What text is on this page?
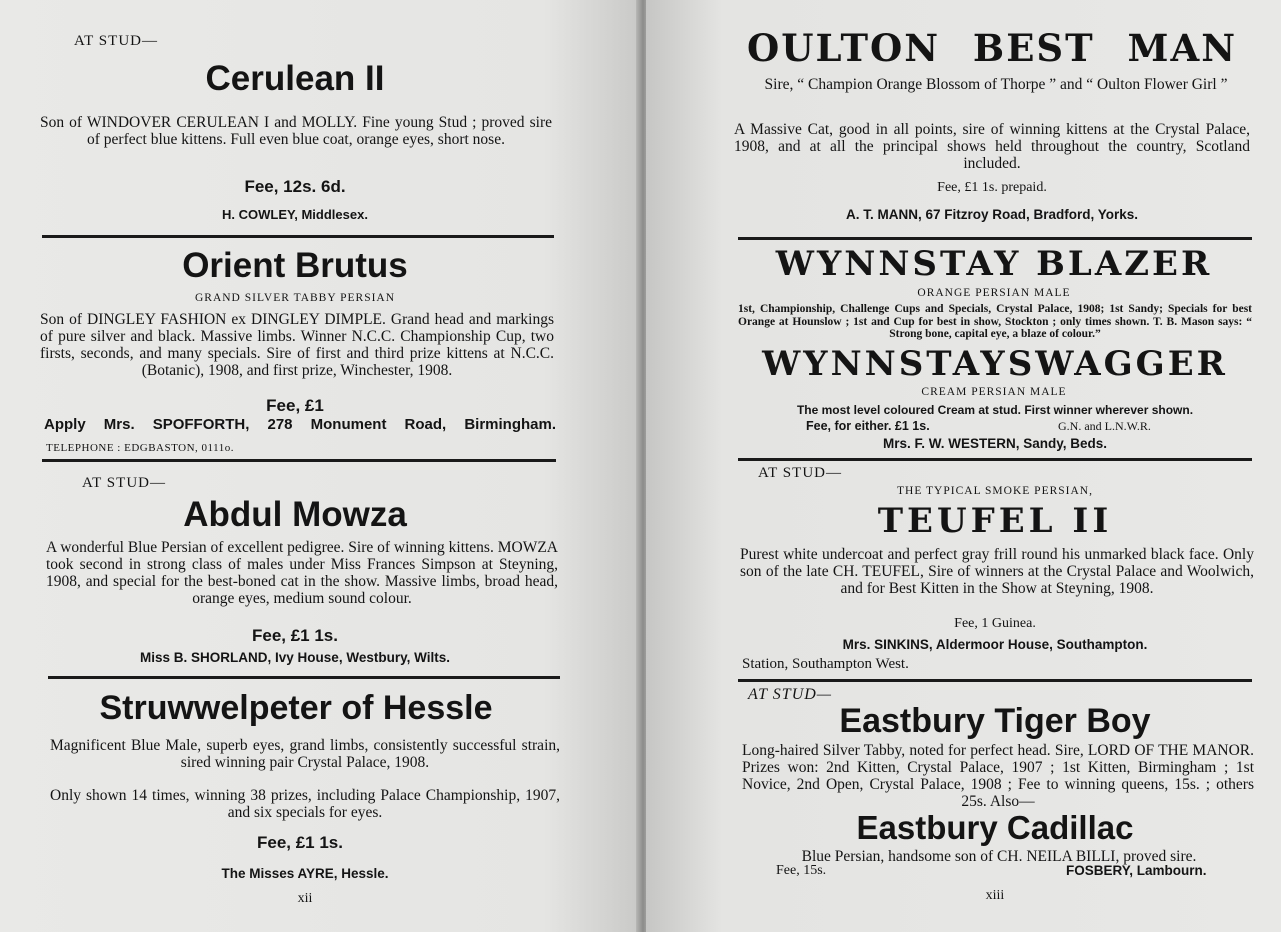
AT STUD—
Cerulean II
Son of WINDOVER CERULEAN I and MOLLY. Fine young Stud ; proved sire of perfect blue kittens. Full even blue coat, orange eyes, short nose.
Fee, 12s. 6d.
H. COWLEY, Middlesex.
Orient Brutus
GRAND SILVER TABBY PERSIAN
Son of DINGLEY FASHION ex DINGLEY DIMPLE. Grand head and markings of pure silver and black. Massive limbs. Winner N.C.C. Championship Cup, two firsts, seconds, and many specials. Sire of first and third prize kittens at N.C.C. (Botanic), 1908, and first prize, Winchester, 1908.
Fee, £1
Apply Mrs. SPOFFORTH, 278 Monument Road, Birmingham.
TELEPHONE : EDGBASTON, 0111o.
AT STUD—
Abdul Mowza
A wonderful Blue Persian of excellent pedigree. Sire of winning kittens. MOWZA took second in strong class of males under Miss Frances Simpson at Steyning, 1908, and special for the best-boned cat in the show. Massive limbs, broad head, orange eyes, medium sound colour.
Fee, £1 1s.
Miss B. SHORLAND, Ivy House, Westbury, Wilts.
Struwwelpeter of Hessle
Magnificent Blue Male, superb eyes, grand limbs, consistently successful strain, sired winning pair Crystal Palace, 1908.
Only shown 14 times, winning 38 prizes, including Palace Championship, 1907, and six specials for eyes.
Fee, £1 1s.
The Misses AYRE, Hessle.
xii
OULTON BEST MAN
Sire, “ Champion Orange Blossom of Thorpe ” and “ Oulton Flower Girl ”
A Massive Cat, good in all points, sire of winning kittens at the Crystal Palace, 1908, and at all the principal shows held throughout the country, Scotland included.
Fee, £1 1s. prepaid.
A. T. MANN, 67 Fitzroy Road, Bradford, Yorks.
WYNNSTAY BLAZER
ORANGE PERSIAN MALE
1st, Championship, Challenge Cups and Specials, Crystal Palace, 1908; 1st Sandy; Specials for best Orange at Hounslow ; 1st and Cup for best in show, Stockton ; only times shown. T. B. Mason says: “ Strong bone, capital eye, a blaze of colour.”
WYNNSTAYSWAGGER
CREAM PERSIAN MALE
The most level coloured Cream at stud. First winner wherever shown.
Fee, for either. £1 1s.	G.N. and L.N.W.R.
Mrs. F. W. WESTERN, Sandy, Beds.
AT STUD—
THE TYPICAL SMOKE PERSIAN,
TEUFEL II
Purest white undercoat and perfect gray frill round his unmarked black face. Only son of the late CH. TEUFEL, Sire of winners at the Crystal Palace and Woolwich, and for Best Kitten in the Show at Steyning, 1908.
Fee, 1 Guinea.
Mrs. SINKINS, Aldermoor House, Southampton.
Station, Southampton West.
AT STUD—
Eastbury Tiger Boy
Long-haired Silver Tabby, noted for perfect head. Sire, LORD OF THE MANOR. Prizes won: 2nd Kitten, Crystal Palace, 1907 ; 1st Kitten, Birmingham ; 1st Novice, 2nd Open, Crystal Palace, 1908 ; Fee to winning queens, 15s. ; others 25s. Also—
Eastbury Cadillac
Blue Persian, handsome son of CH. NEILA BILLI, proved sire.
Fee, 15s.	FOSBERY, Lambourn.
xiii
